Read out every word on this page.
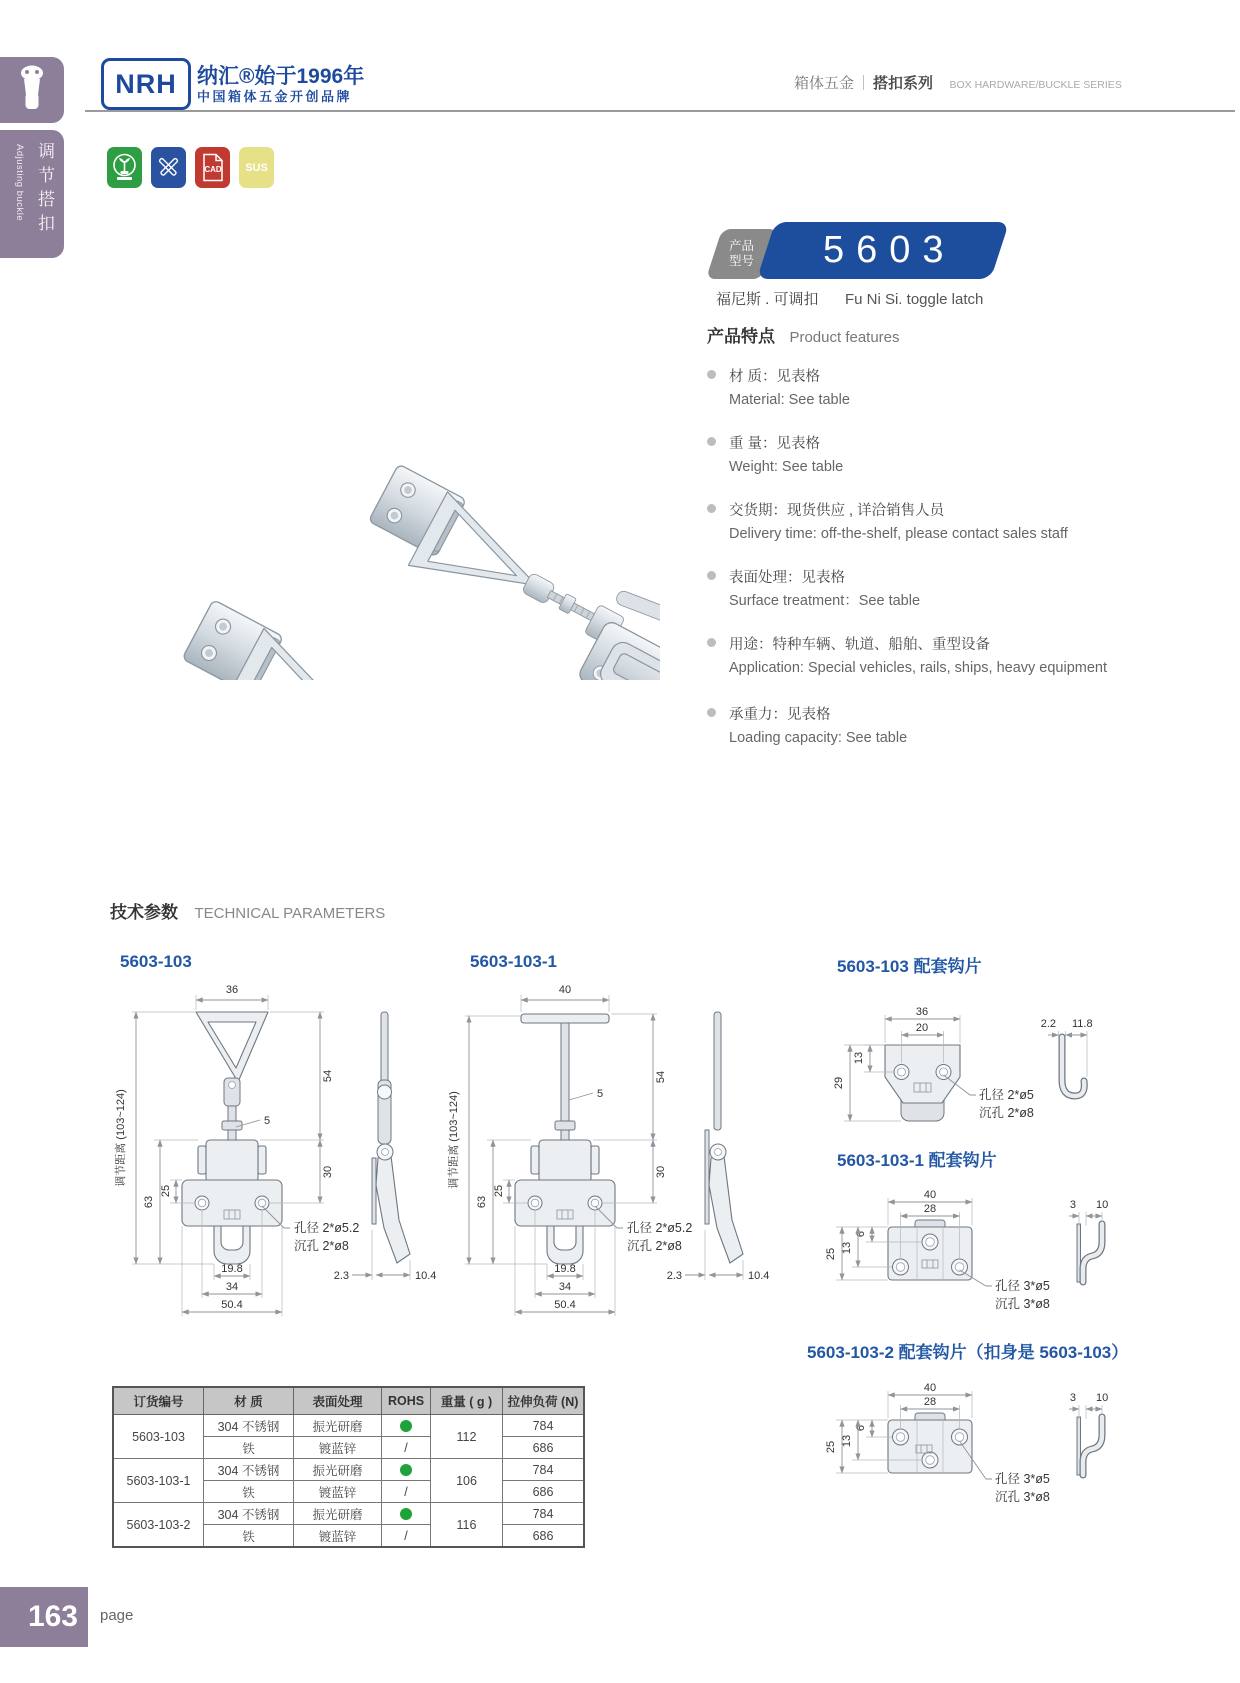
调节搭扣
Adjusting buckle
NRH 纳汇®始于1996年
中国箱体五金开创品牌
箱体五金 ｜ 搭扣系列 BOX HARDWARE/BUCKLE SERIES
CAD SUS
产品
型号	5603
福尼斯 . 可调扣 Fu Ni Si. toggle latch
产品特点 Product features
材 质：见表格
Material: See table
重 量：见表格
Weight: See table
交货期：现货供应 , 详洽销售人员
Delivery time: off-the-shelf, please contact sales staff
表面处理：见表格
Surface treatment：See table
用途：特种车辆、轨道、船舶、重型设备
Application: Special vehicles, rails, ships, heavy equipment
承重力：见表格
Loading capacity: See table
技术参数 TECHNICAL PARAMETERS
5603-103	5603-103-1	5603-103 配套钩片
5603-103-1 配套钩片
5603-103-2 配套钩片（扣身是 5603-103）
36
54
5
30
63
25
调节距离 (103~124)
19.8
34
50.4
孔径 2*ø5.2
沉孔 2*ø8
2.3	10.4
40
54
5
30
63
25
调节距离 (103~124)
19.8
34
50.4
孔径 2*ø5.2
沉孔 2*ø8
2.3	10.4
36
20
13
29
孔径 2*ø5
沉孔 2*ø8
2.2 11.8
40
28
6
13
25
孔径 3*ø5
沉孔 3*ø8
3 10
40
28
6
13
25
孔径 3*ø5
沉孔 3*ø8
3 10
订货编号	材 质	表面处理	ROHS	重量 ( g )	拉伸负荷 (N)
5603-103	304 不锈钢	振光研磨		112	784
	铁	镀蓝锌	/		686
5603-103-1	304 不锈钢	振光研磨		106	784
	铁	镀蓝锌	/		686
5603-103-2	304 不锈钢	振光研磨		116	784
	铁	镀蓝锌	/		686
163 page
